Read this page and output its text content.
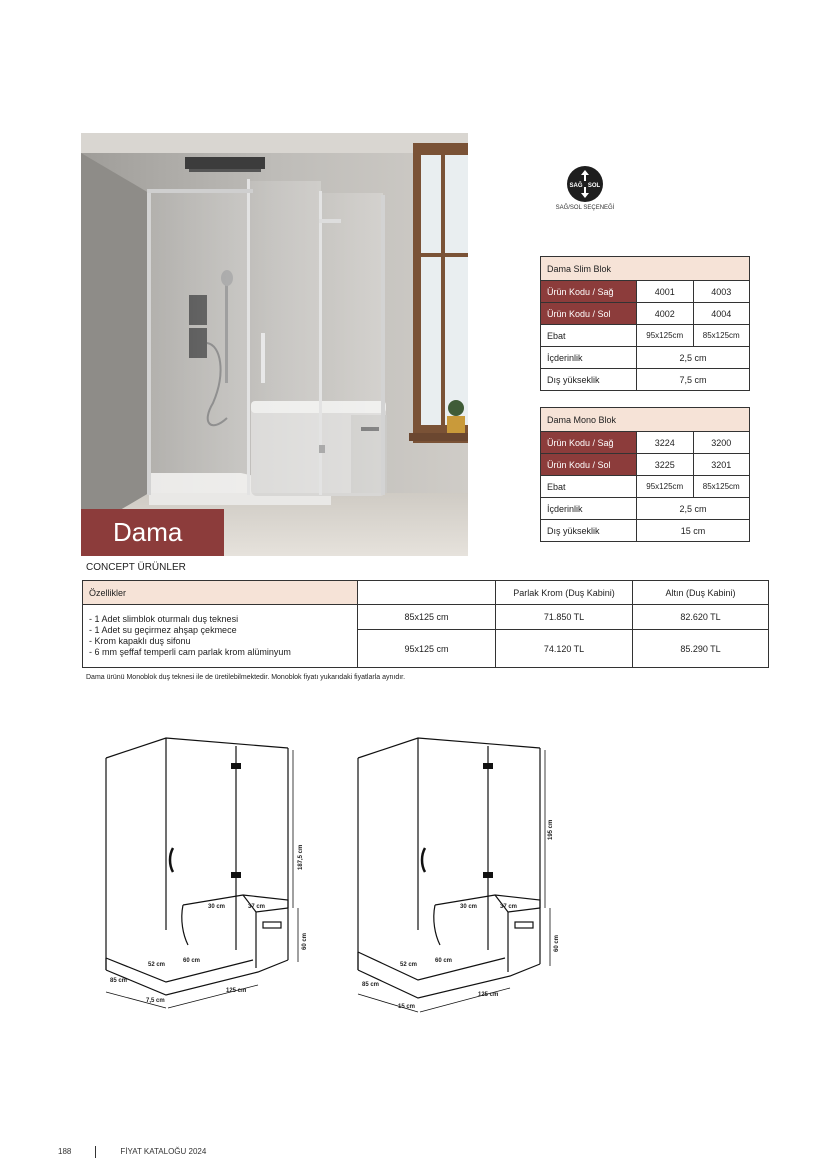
Dama
SAĞ SOL
SAĞ/SOL SEÇENEĞİ
Dama Slim Blok		
Ürün Kodu / Sağ	4001	4003
Ürün Kodu / Sol	4002	4004
Ebat	95x125cm	85x125cm
İçderinlik	2,5 cm	
Dış yükseklik	7,5 cm	
Dama Mono Blok		
Ürün Kodu / Sağ	3224	3200
Ürün Kodu / Sol	3225	3201
Ebat	95x125cm	85x125cm
İçderinlik	2,5 cm	
Dış yükseklik	15 cm	
CONCEPT ÜRÜNLER
Özellikler		Parlak Krom (Duş Kabini)	Altın (Duş Kabini)

- 1 Adet slimblok oturmalı duş teknesi
- 1 Adet su geçirmez ahşap çekmece
- Krom kapaklı duş sifonu
- 6 mm şeffaf temperli cam parlak krom alüminyum	85x125 cm	71.850 TL	82.620 TL
	95x125 cm	74.120 TL	85.290 TL
Dama ürünü Monoblok duş teknesi ile de üretilebilmektedir. Monoblok fiyatı yukarıdaki fiyatlarla aynıdır.
187,5 cm
60 cm
7,5 cm
125 cm
85 cm
30 cm	37 cm
52 cm
60 cm
195 cm
60 cm
15 cm
125 cm
85 cm
30 cm	37 cm
52 cm
60 cm
188	FİYAT KATALOĞU 2024
